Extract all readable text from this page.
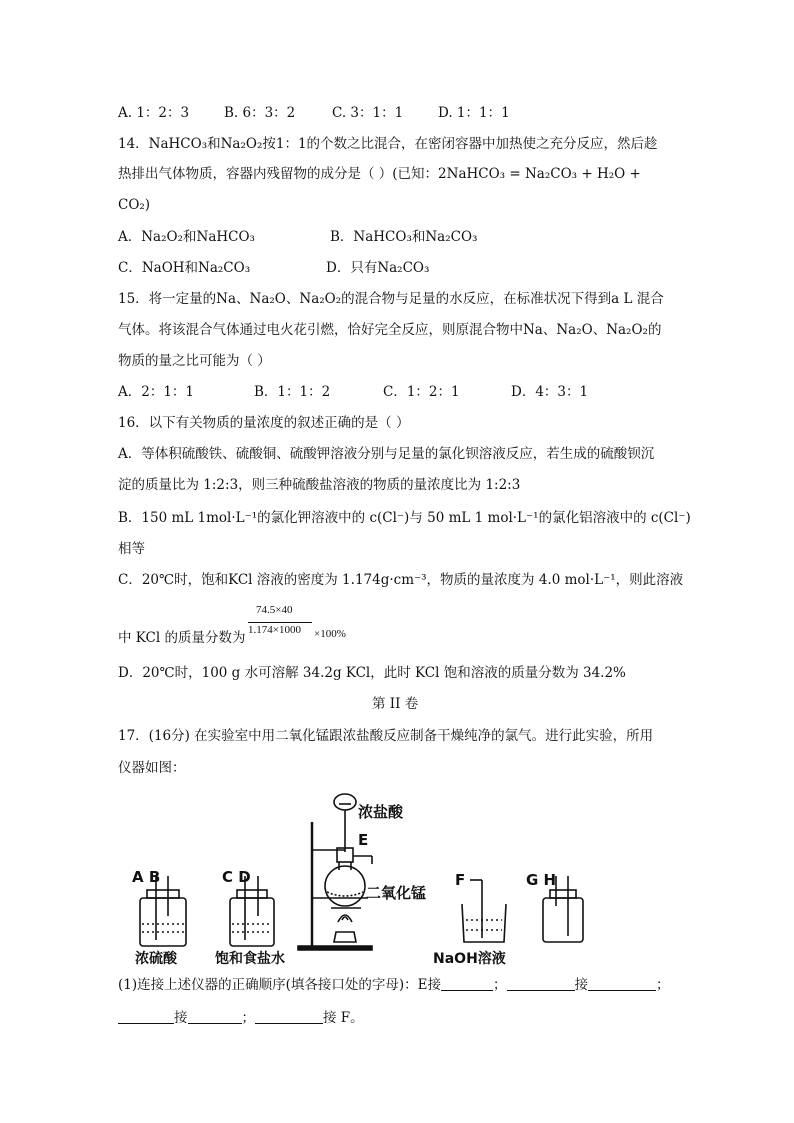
A. 1：2：3	B. 6：3：2	C. 3：1：1	D. 1：1：1
14．NaHCO₃和Na₂O₂按1：1的个数之比混合，在密闭容器中加热使之充分反应，然后趁
热排出气体物质，容器内残留物的成分是（ ）(已知：2NaHCO₃ = Na₂CO₃ + H₂O +
CO₂)
A．Na₂O₂和NaHCO₃	B．NaHCO₃和Na₂CO₃
C．NaOH和Na₂CO₃	D．只有Na₂CO₃
15．将一定量的Na、Na₂O、Na₂O₂的混合物与足量的水反应，在标准状况下得到a L 混合
气体。将该混合气体通过电火花引燃，恰好完全反应，则原混合物中Na、Na₂O、Na₂O₂的
物质的量之比可能为（ ）
A．2：1：1	B．1：1：2	C．1：2：1	D．4：3：1
16．以下有关物质的量浓度的叙述正确的是（ ）
A．等体积硫酸铁、硫酸铜、硫酸钾溶液分别与足量的氯化钡溶液反应，若生成的硫酸钡沉
淀的质量比为 1:2:3，则三种硫酸盐溶液的物质的量浓度比为 1:2:3
B．150 mL 1mol·L⁻¹的氯化钾溶液中的 c(Cl⁻)与 50 mL 1 mol·L⁻¹的氯化铝溶液中的 c(Cl⁻)
相等
C．20℃时，饱和KCl 溶液的密度为 1.174g·cm⁻³，物质的量浓度为 4.0 mol·L⁻¹，则此溶液
中 KCl 的质量分数为
74.5×40
1.174×1000 ×100%
D．20℃时，100 g 水可溶解 34.2g KCl，此时 KCl 饱和溶液的质量分数为 34.2%
第 II 卷
17．(16分) 在实验室中用二氧化锰跟浓盐酸反应制备干燥纯净的氯气。进行此实验，所用
仪器如图：
A B
浓硫酸
C D
饱和食盐水
浓盐酸
E
二氧化锰
F
NaOH溶液
G H
(1)连接上述仪器的正确顺序(填各接口处的字母)：E接	；	接	；
接	；	接 F。
